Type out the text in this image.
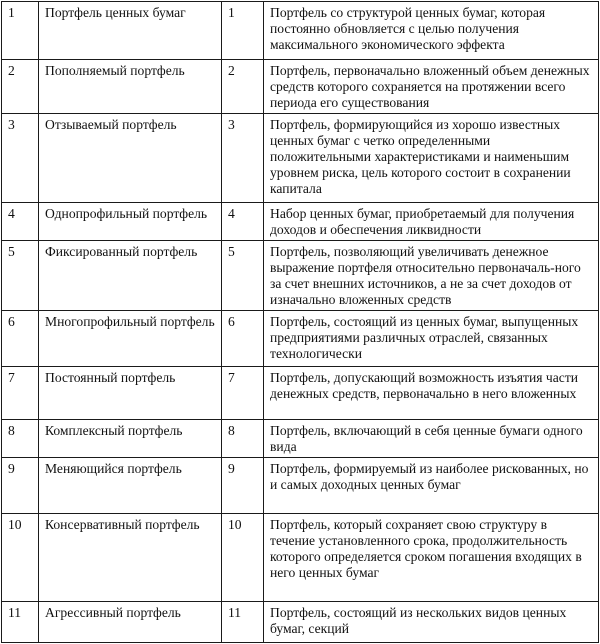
1	Портфель ценных бумаг	1	Портфель со структурой ценных бумаг, которая постоянно обновляется с целью получения максимального экономического эффекта
2	Пополняемый портфель	2	Портфель, первоначально вложенный объем денежных средств которого сохраняется на протяжении всего периода его существования
3	Отзываемый портфель	3	Портфель, формирующийся из хорошо известных ценных бумаг с четко определенными положительными характеристиками и наименьшим уровнем риска, цель которого состоит в сохранении капитала
4	Однопрофильный портфель	4	Набор ценных бумаг, приобретаемый для получения доходов и обеспечения ликвидности
5	Фиксированный портфель	5	Портфель, позволяющий увеличивать денежное выражение портфеля относительно первоначаль-ного за счет внешних источников, а не за счет доходов от изначально вложенных средств
6	Многопрофильный портфель	6	Портфель, состоящий из ценных бумаг, выпущенных предприятиями различных отраслей, связанных технологически
7	Постоянный портфель	7	Портфель, допускающий возможность изъятия части денежных средств, первоначально в него вложенных
8	Комплексный портфель	8	Портфель, включающий в себя ценные бумаги одного вида
9	Меняющийся портфель	9	Портфель, формируемый из наиболее рискованных, но и самых доходных ценных бумаг
10	Консервативный портфель	10	Портфель, который сохраняет свою структуру в течение установленного срока, продолжительность которого определяется сроком погашения входящих в него ценных бумаг
11	Агрессивный портфель	11	Портфель, состоящий из нескольких видов ценных бумаг, секций
